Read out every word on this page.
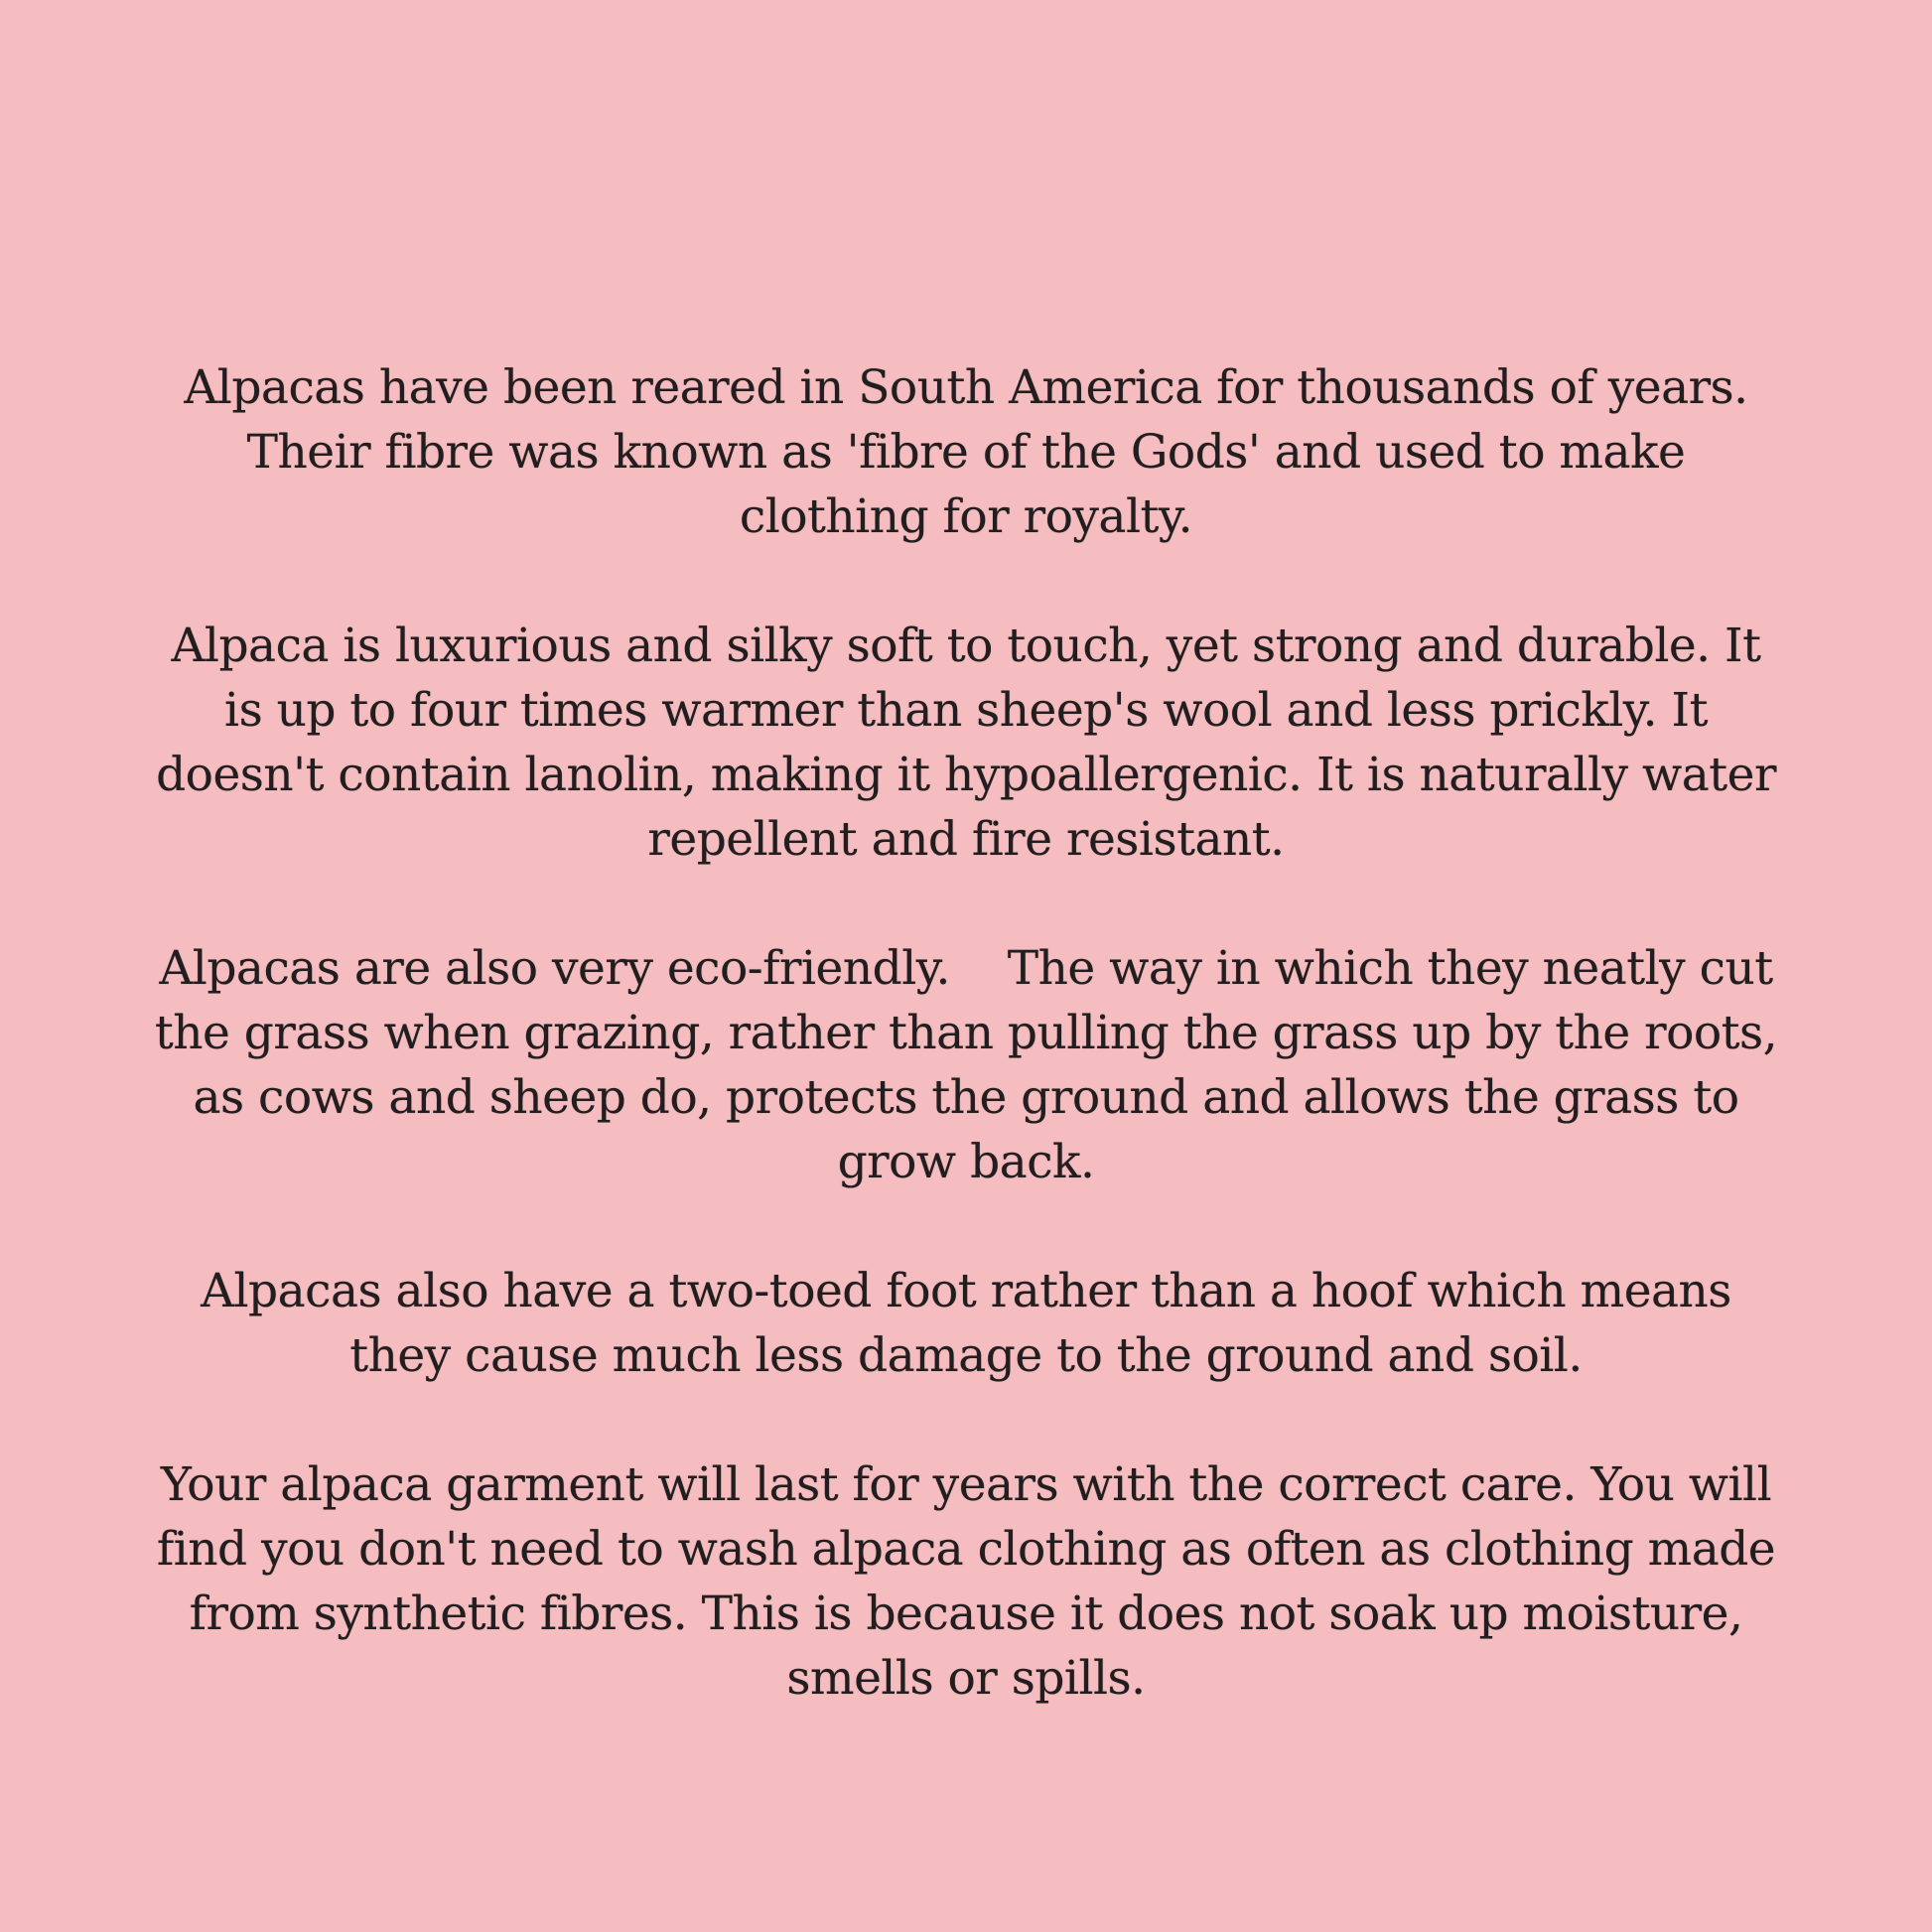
Alpacas have been reared in South America for thousands of years.  Their fibre was known as 'fibre of the Gods' and used to make clothing for royalty.

Alpaca is luxurious and silky soft to touch, yet strong and durable. It is up to four times warmer than sheep's wool and less prickly. It doesn't contain lanolin, making it hypoallergenic. It is naturally water repellent and fire resistant.

Alpacas are also very eco-friendly.    The way in which they neatly cut the grass when grazing, rather than pulling the grass up by the roots, as cows and sheep do, protects the ground and allows the grass to grow back.

Alpacas also have a two-toed foot rather than a hoof which means they cause much less damage to the ground and soil.

Your alpaca garment will last for years with the correct care. You will find you don't need to wash alpaca clothing as often as clothing made from synthetic fibres. This is because it does not soak up moisture, smells or spills.
